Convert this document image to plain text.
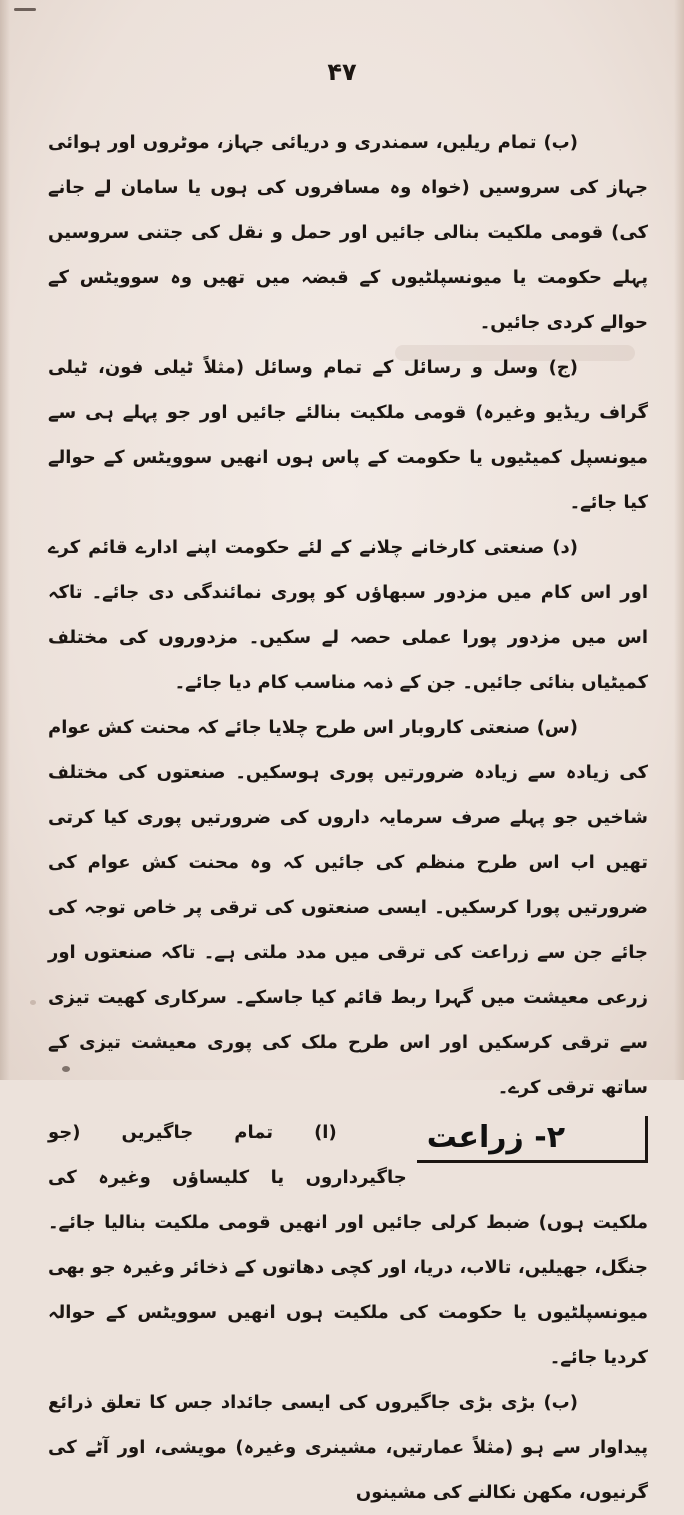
۴۷

(ب) تمام ریلیں، سمندری و دریائی جہاز، موٹروں اور ہوائی جہاز کی سروسیں (خواہ وہ مسافروں کی ہوں یا سامان لے جانے کی) قومی ملکیت بنالی جائیں اور حمل و نقل کی جتنی سروسیں پہلے حکومت یا میونسپلٹیوں کے قبضہ میں تھیں وہ سوویٹس کے حوالے کردی جائیں۔

(ج) وسل و رسائل کے تمام وسائل (مثلاً ٹیلی فون، ٹیلی گراف ریڈیو وغیرہ) قومی ملکیت بنالئے جائیں اور جو پہلے ہی سے میونسپل کمیٹیوں یا حکومت کے پاس ہوں انھیں سوویٹس کے حوالے کیا جائے۔

(د) صنعتی کارخانے چلانے کے لئے حکومت اپنے ادارے قائم کرے اور اس کام میں مزدور سبھاؤں کو پوری نمائندگی دی جائے۔ تاکہ اس میں مزدور پورا عملی حصہ لے سکیں۔ مزدوروں کی مختلف کمیٹیاں بنائی جائیں۔ جن کے ذمہ مناسب کام دیا جائے۔

(س) صنعتی کاروبار اس طرح چلایا جائے کہ محنت کش عوام کی زیادہ سے زیادہ ضرورتیں پوری ہوسکیں۔ صنعتوں کی مختلف شاخیں جو پہلے صرف سرمایہ داروں کی ضرورتیں پوری کیا کرتی تھیں اب اس طرح منظم کی جائیں کہ وہ محنت کش عوام کی ضرورتیں پورا کرسکیں۔ ایسی صنعتوں کی ترقی پر خاص توجہ کی جائے جن سے زراعت کی ترقی میں مدد ملتی ہے۔ تاکہ صنعتوں اور زرعی معیشت میں گہرا ربط قائم کیا جاسکے۔ سرکاری کھیت تیزی سے ترقی کرسکیں اور اس طرح ملک کی پوری معیشت تیزی کے ساتھ ترقی کرے۔

۲- زراعت
(ا) تمام جاگیریں (جو جاگیرداروں یا کلیساؤں وغیرہ کی ملکیت ہوں) ضبط کرلی جائیں اور انھیں قومی ملکیت بنالیا جائے۔ جنگل، جھیلیں، تالاب، دریا، اور کچی دھاتوں کے ذخائر وغیرہ جو بھی میونسپلٹیوں یا حکومت کی ملکیت ہوں انھیں سوویٹس کے حوالہ کردیا جائے۔

(ب) بڑی بڑی جاگیروں کی ایسی جائداد جس کا تعلق ذرائع پیداوار سے ہو (مثلاً عمارتیں، مشینری وغیرہ) مویشی، اور آٹے کی گرنیوں، مکھن نکالنے کی مشینوں
